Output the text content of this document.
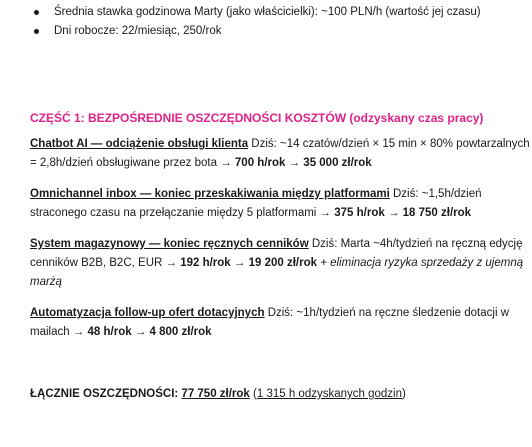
Średnia stawka godzinowa Marty (jako właścicielki): ~100 PLN/h (wartość jej czasu)
Dni robocze: 22/miesiąc, 250/rok
CZĘŚĆ 1: BEZPOŚREDNIE OSZCZĘDNOŚCI KOSZTÓW (odzyskany czas pracy)
Chatbot AI — odciążenie obsługi klienta Dziś: ~14 czatów/dzień × 15 min × 80% powtarzalnych
= 2,8h/dzień obsługiwane przez bota → 700 h/rok → 35 000 zł/rok
Omnichannel inbox — koniec przeskakiwania między platformami Dziś: ~1,5h/dzień
straconego czasu na przełączanie między 5 platformami → 375 h/rok → 18 750 zł/rok
System magazynowy — koniec ręcznych cenników Dziś: Marta ~4h/tydzień na ręczną edycję
cenników B2B, B2C, EUR → 192 h/rok → 19 200 zł/rok + eliminacja ryzyka sprzedaży z ujemną
marżą
Automatyzacja follow-up ofert dotacyjnych Dziś: ~1h/tydzień na ręczne śledzenie dotacji w
mailach → 48 h/rok → 4 800 zł/rok
ŁĄCZNIE OSZCZĘDNOŚCI: 77 750 zł/rok (1 315 h odzyskanych godzin)
